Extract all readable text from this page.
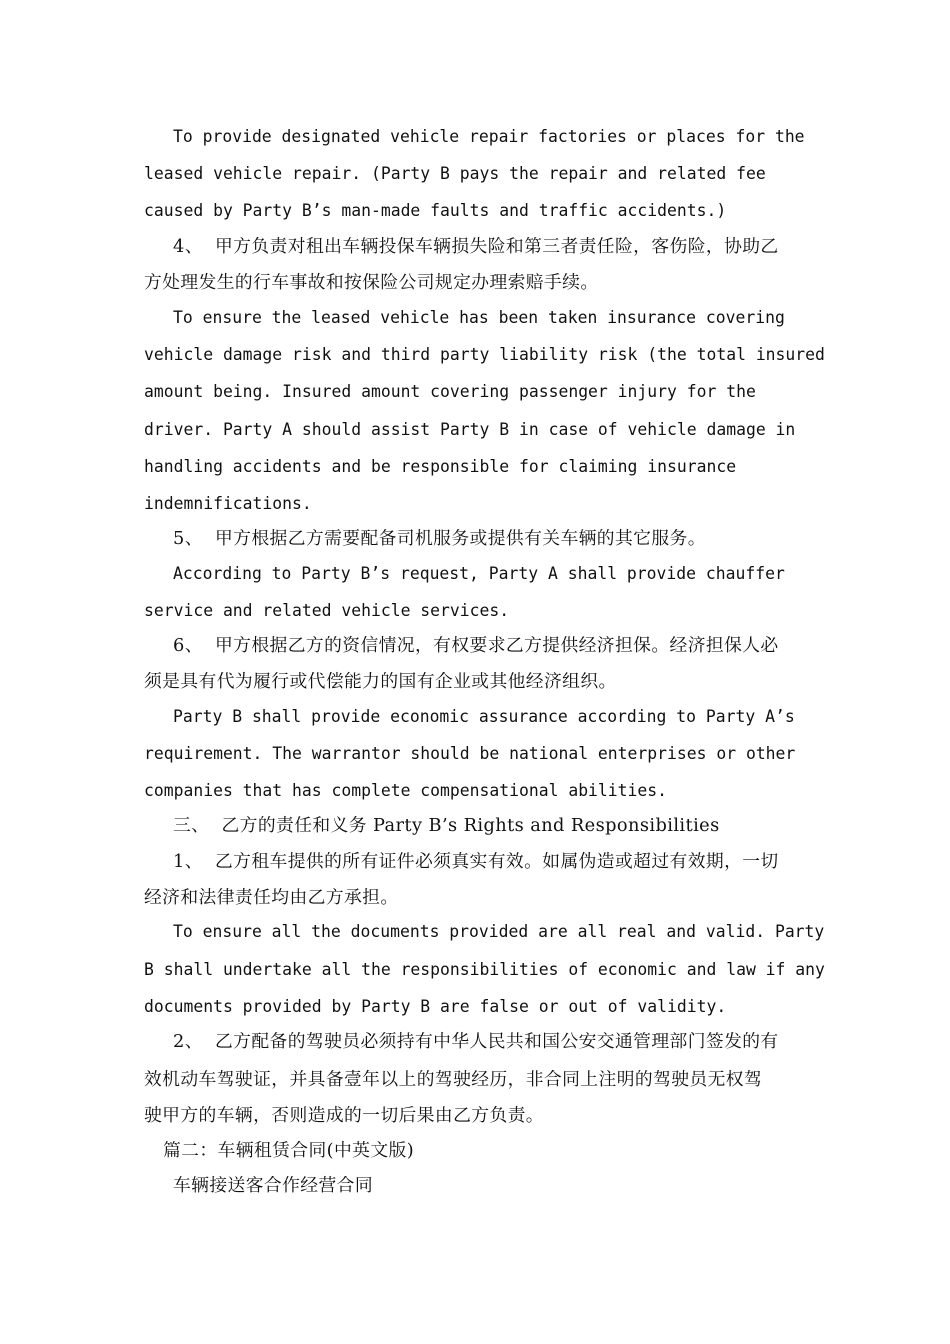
To provide designated vehicle repair factories or places for the
leased vehicle repair. (Party B pays the repair and related fee
caused by Party B’s man-made faults and traffic accidents.)
4、  甲方负责对租出车辆投保车辆损失险和第三者责任险，客伤险，协助乙
方处理发生的行车事故和按保险公司规定办理索赔手续。
To ensure the leased vehicle has been taken insurance covering
vehicle damage risk and third party liability risk (the total insured
amount being. Insured amount covering passenger injury for the
driver. Party A should assist Party B in case of vehicle damage in
handling accidents and be responsible for claiming insurance
indemnifications.
5、  甲方根据乙方需要配备司机服务或提供有关车辆的其它服务。
According to Party B’s request, Party A shall provide chauffer
service and related vehicle services.
6、  甲方根据乙方的资信情况，有权要求乙方提供经济担保。经济担保人必
须是具有代为履行或代偿能力的国有企业或其他经济组织。
Party B shall provide economic assurance according to Party A’s
requirement. The warrantor should be national enterprises or other
companies that has complete compensational abilities.
三、  乙方的责任和义务 Party B’s Rights and Responsibilities
1、  乙方租车提供的所有证件必须真实有效。如属伪造或超过有效期，一切
经济和法律责任均由乙方承担。
To ensure all the documents provided are all real and valid. Party
B shall undertake all the responsibilities of economic and law if any
documents provided by Party B are false or out of validity.
2、  乙方配备的驾驶员必须持有中华人民共和国公安交通管理部门签发的有
效机动车驾驶证，并具备壹年以上的驾驶经历，非合同上注明的驾驶员无权驾
驶甲方的车辆，否则造成的一切后果由乙方负责。
篇二：车辆租赁合同(中英文版)
车辆接送客合作经营合同
